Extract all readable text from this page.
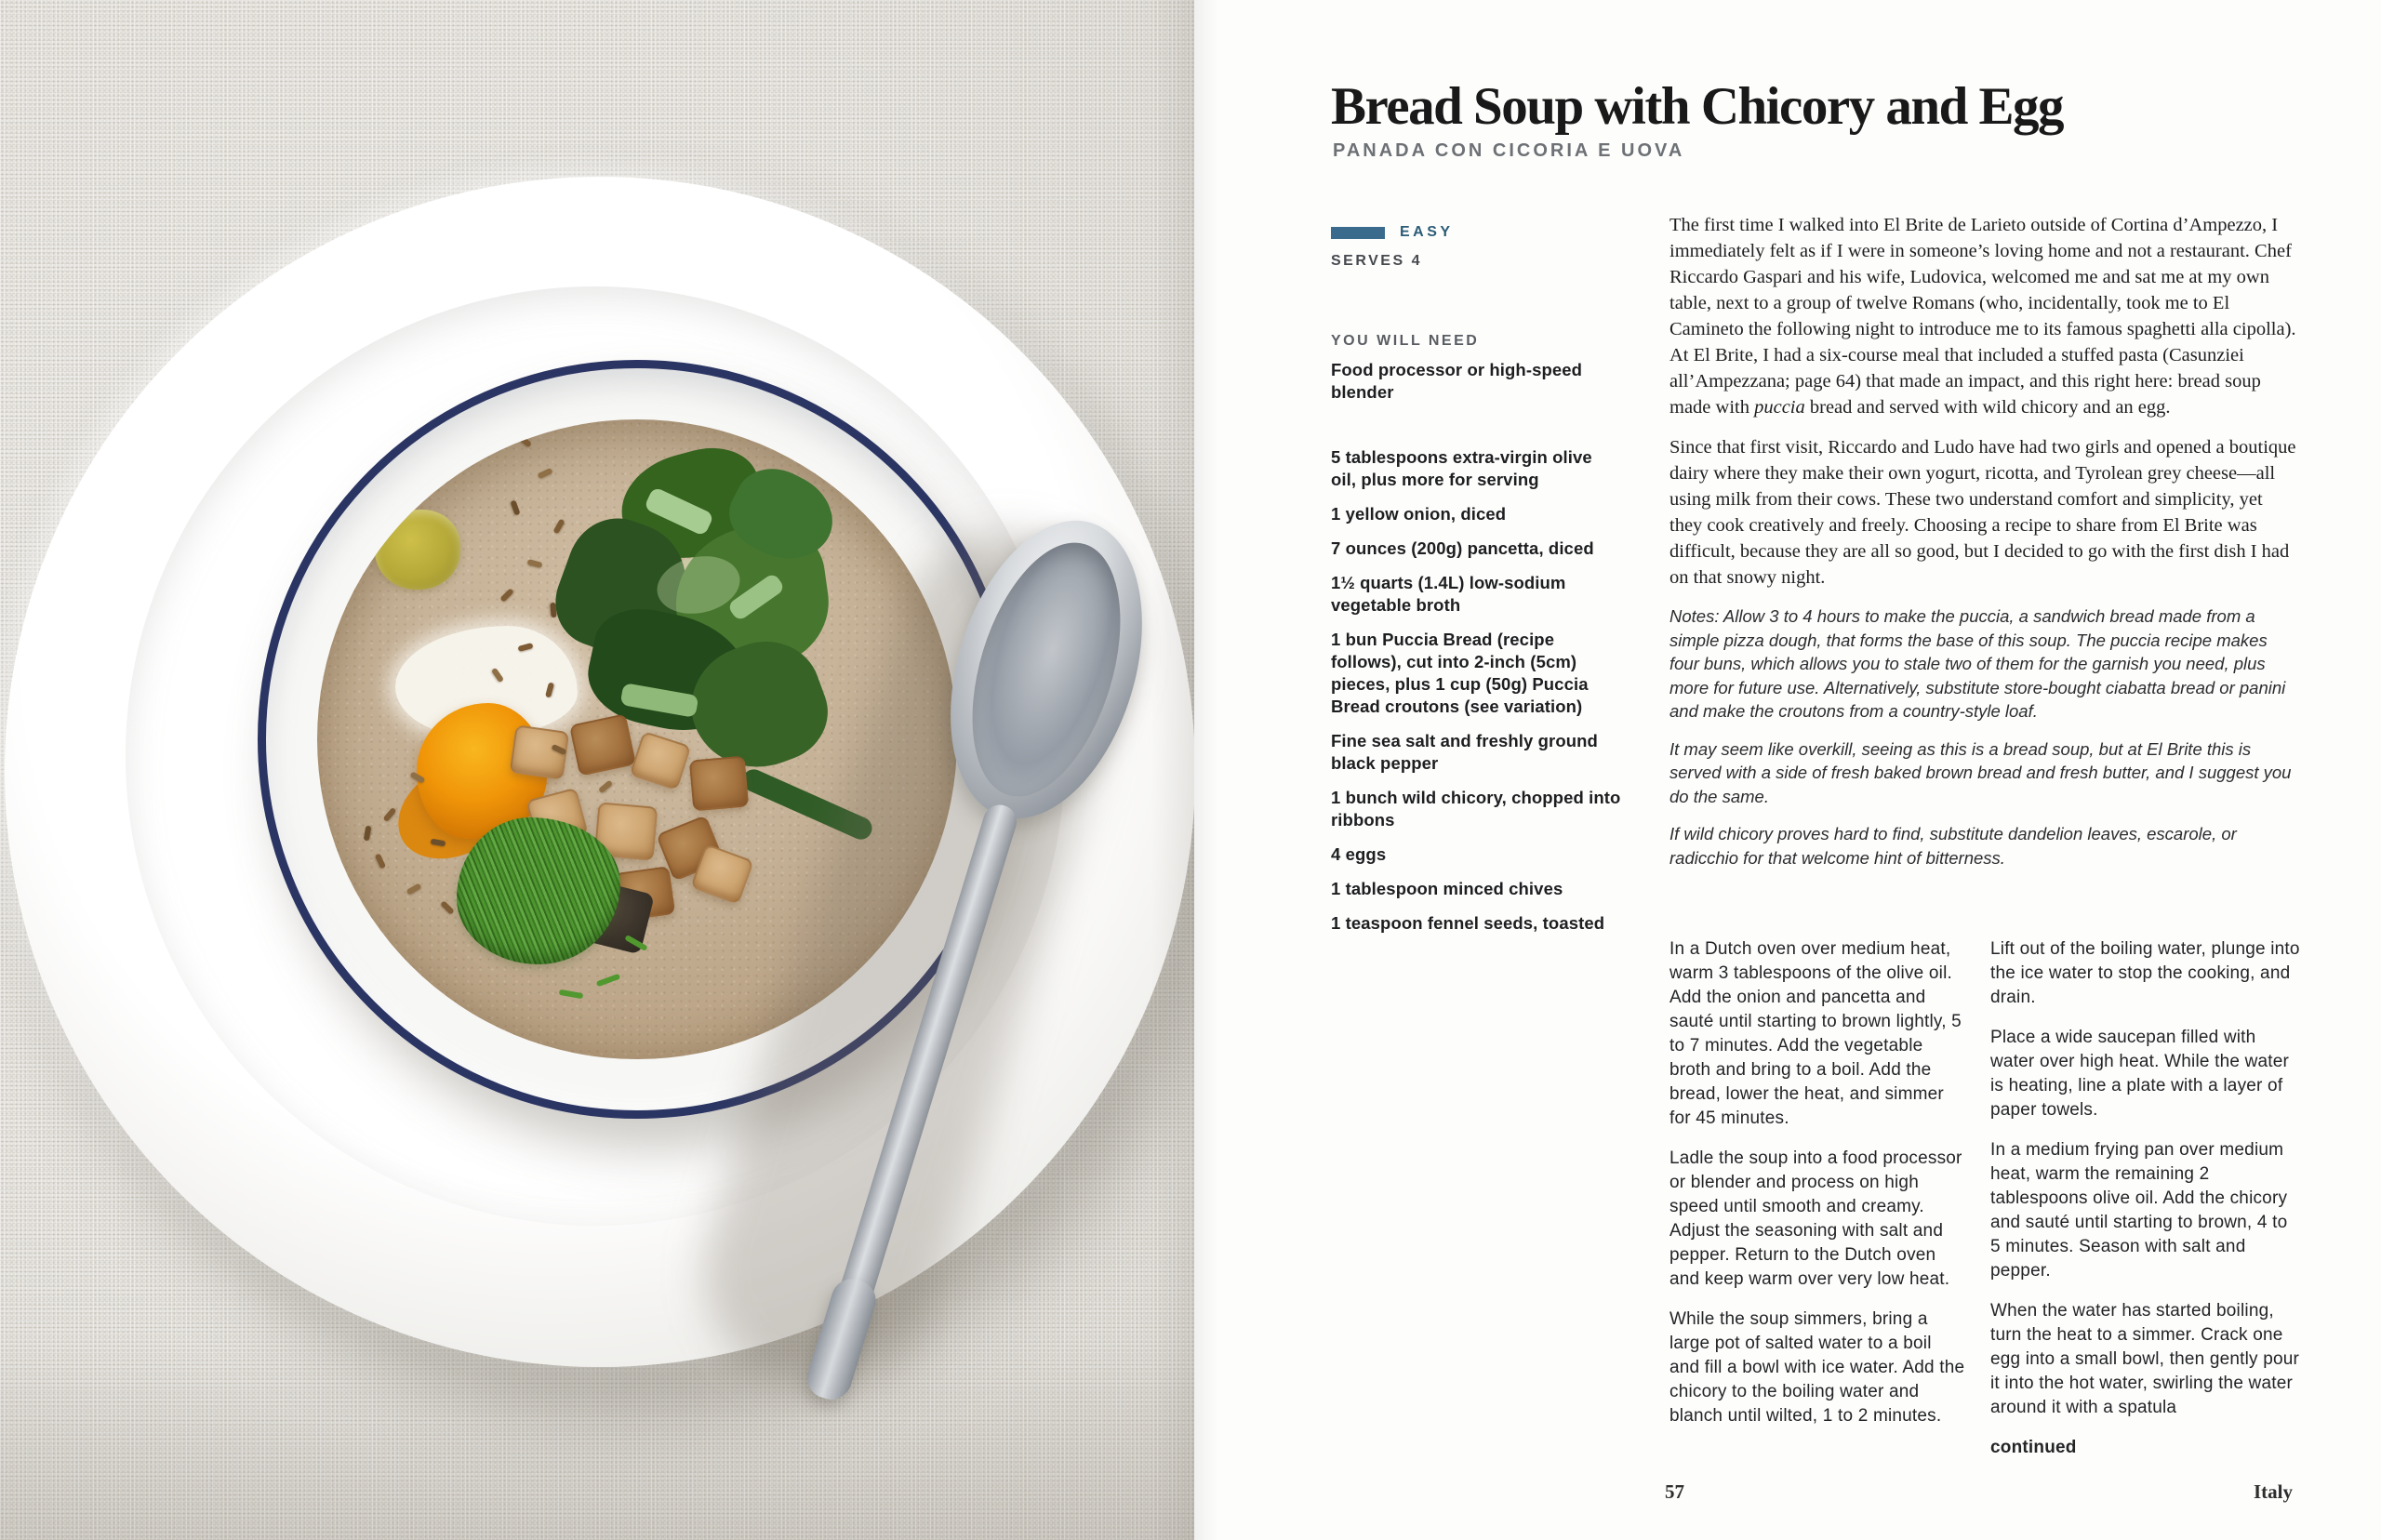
Bread Soup with Chicory and Egg
PANADA CON CICORIA E UOVA
EASY
SERVES 4
YOU WILL NEED
Food processor or high-speed blender
5 tablespoons extra-virgin olive oil, plus more for serving
1 yellow onion, diced
7 ounces (200g) pancetta, diced
1½ quarts (1.4L) low-sodium vegetable broth
1 bun Puccia Bread (recipe follows), cut into 2-inch (5cm) pieces, plus 1 cup (50g) Puccia Bread croutons (see variation)
Fine sea salt and freshly ground black pepper
1 bunch wild chicory, chopped into ribbons
4 eggs
1 tablespoon minced chives
1 teaspoon fennel seeds, toasted

The first time I walked into El Brite de Larieto outside of Cortina d’Ampezzo, I immediately felt as if I were in someone’s loving home and not a restaurant. Chef Riccardo Gaspari and his wife, Ludovica, welcomed me and sat me at my own table, next to a group of twelve Romans (who, incidentally, took me to El Camineto the following night to introduce me to its famous spaghetti alla cipolla). At El Brite, I had a six-course meal that included a stuffed pasta (Casunziei all’Ampezzana; page 64) that made an impact, and this right here: bread soup made with puccia bread and served with wild chicory and an egg.

Since that first visit, Riccardo and Ludo have had two girls and opened a boutique dairy where they make their own yogurt, ricotta, and Tyrolean grey cheese—all using milk from their cows. These two understand comfort and simplicity, yet they cook creatively and freely. Choosing a recipe to share from El Brite was difficult, because they are all so good, but I decided to go with the first dish I had on that snowy night.

Notes: Allow 3 to 4 hours to make the puccia, a sandwich bread made from a simple pizza dough, that forms the base of this soup. The puccia recipe makes four buns, which allows you to stale two of them for the garnish you need, plus more for future use. Alternatively, substitute store-bought ciabatta bread or panini and make the croutons from a country-style loaf.

It may seem like overkill, seeing as this is a bread soup, but at El Brite this is served with a side of fresh baked brown bread and fresh butter, and I suggest you do the same.

If wild chicory proves hard to find, substitute dandelion leaves, escarole, or radicchio for that welcome hint of bitterness.

In a Dutch oven over medium heat, warm 3 tablespoons of the olive oil. Add the onion and pancetta and sauté until starting to brown lightly, 5 to 7 minutes. Add the vegetable broth and bring to a boil. Add the bread, lower the heat, and simmer for 45 minutes.

Ladle the soup into a food processor or blender and process on high speed until smooth and creamy. Adjust the seasoning with salt and pepper. Return to the Dutch oven and keep warm over very low heat.

While the soup simmers, bring a large pot of salted water to a boil and fill a bowl with ice water. Add the chicory to the boiling water and blanch until wilted, 1 to 2 minutes.

Lift out of the boiling water, plunge into the ice water to stop the cooking, and drain.

Place a wide saucepan filled with water over high heat. While the water is heating, line a plate with a layer of paper towels.

In a medium frying pan over medium heat, warm the remaining 2 tablespoons olive oil. Add the chicory and sauté until starting to brown, 4 to 5 minutes. Season with salt and pepper.

When the water has started boiling, turn the heat to a simmer. Crack one egg into a small bowl, then gently pour it into the hot water, swirling the water around it with a spatula

continued

57	Italy
